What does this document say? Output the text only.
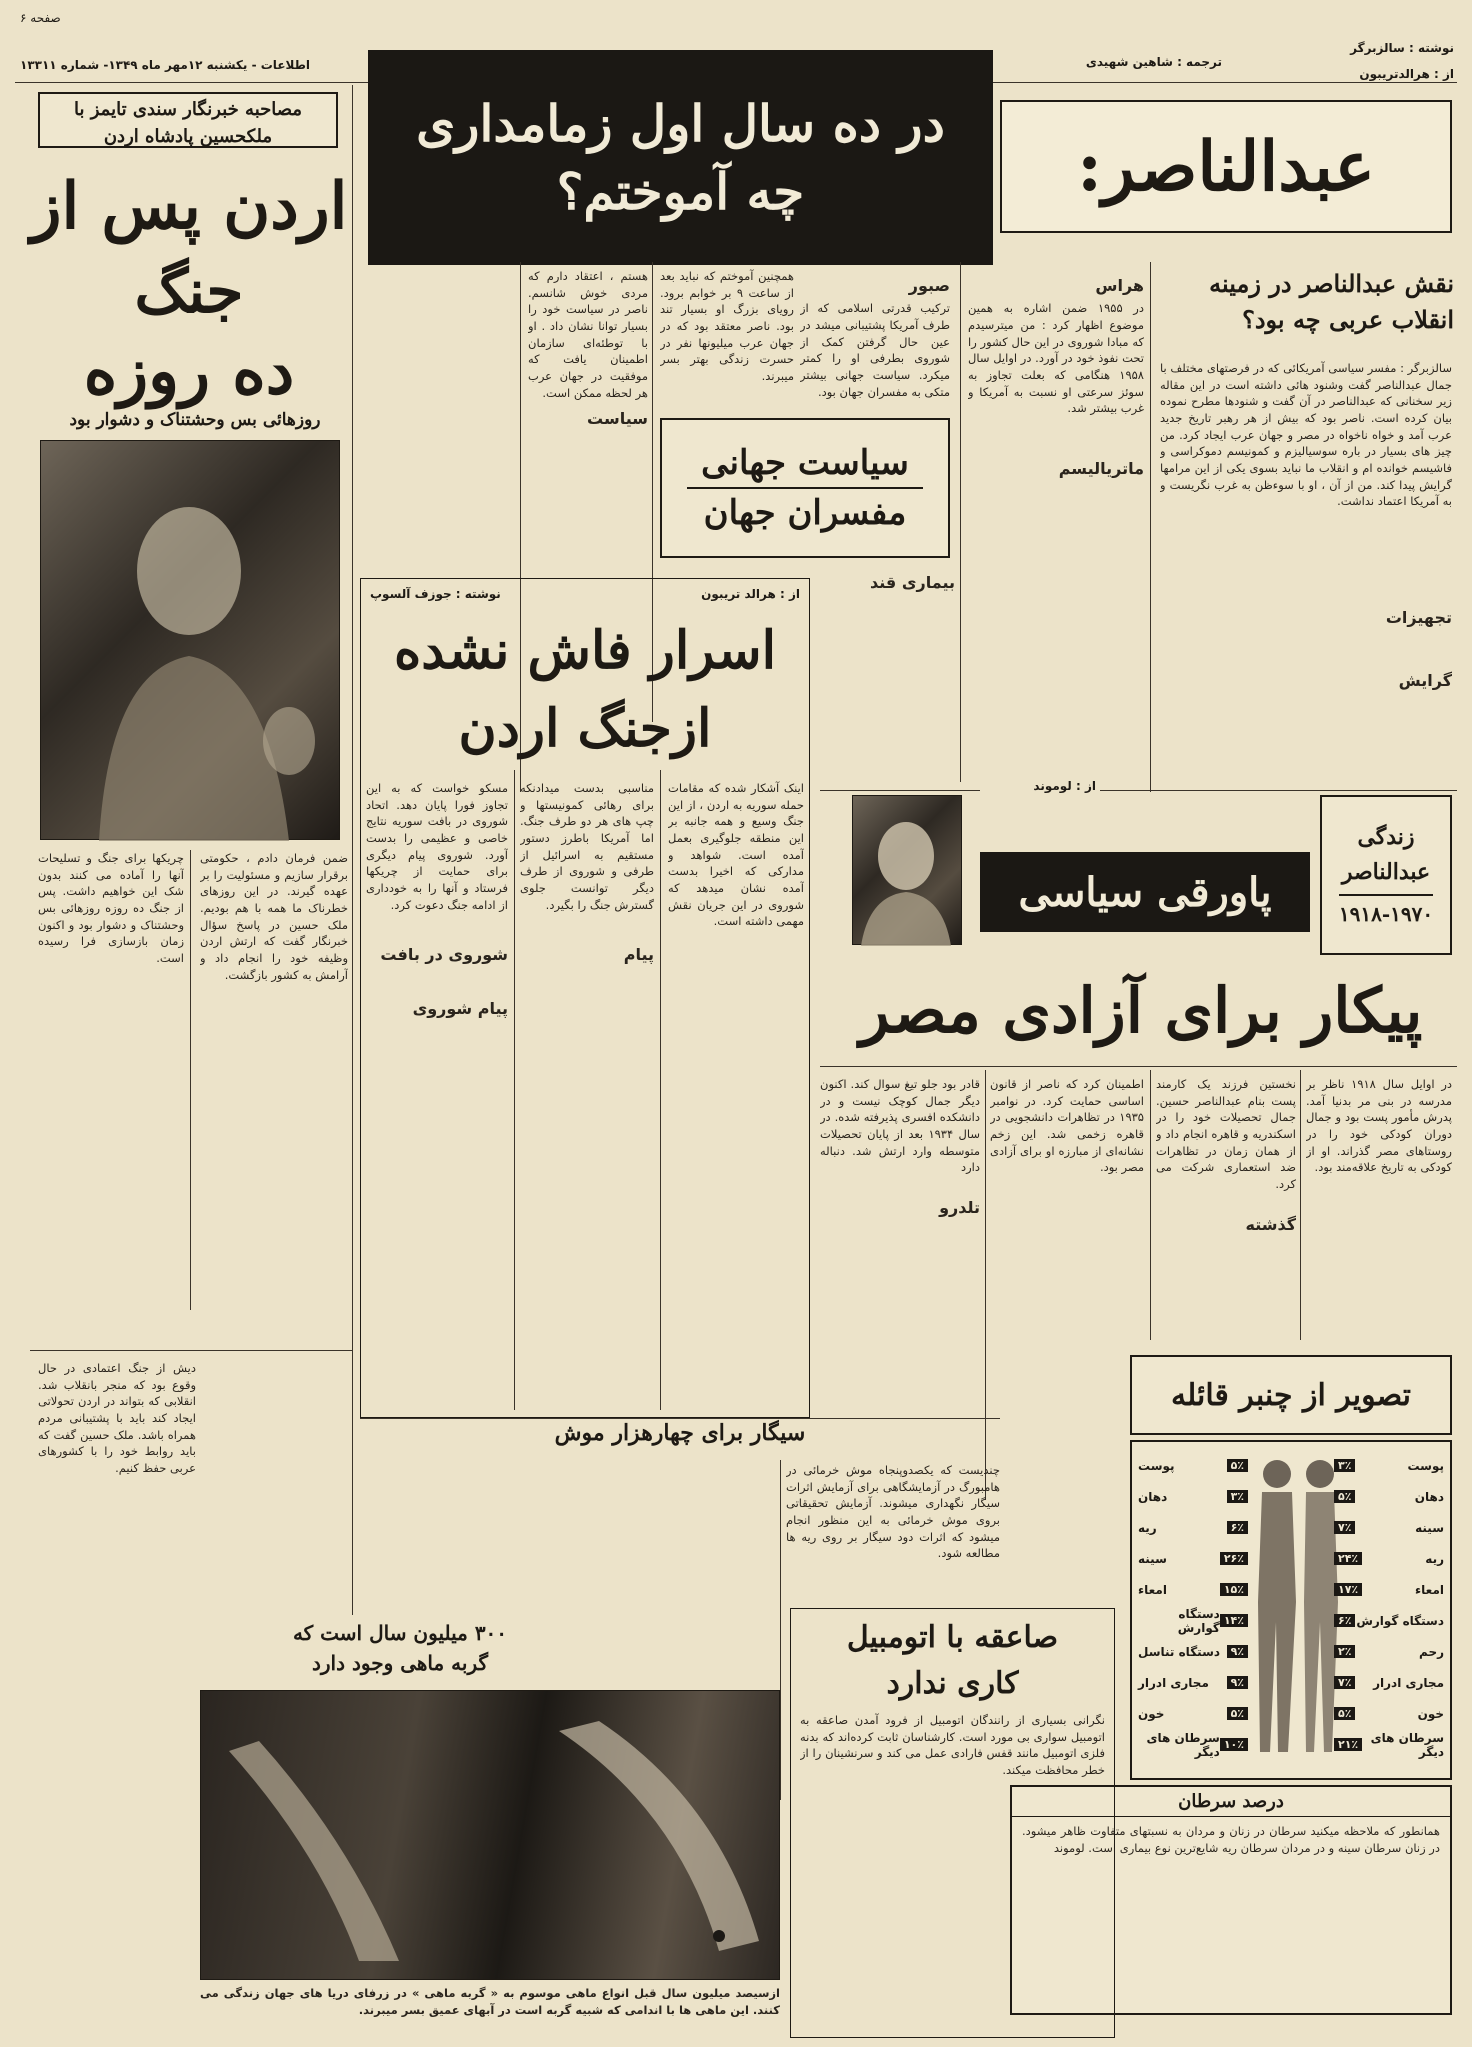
صفحه ۶
اطلاعات - یکشنبه ۱۲مهر ماه ۱۳۴۹- شماره ۱۳۳۱۱
نوشته : سالزبرگر
ترجمه : شاهین شهیدی
از : هرالدتریبون
عبدالناصر:
در ده سال اول زمامداری چه آموختم؟
نقش عبدالناصر در زمینه انقلاب عربی چه بود؟
سالزبرگر : مفسر سیاسی آمریکائی که در فرصتهای مختلف با جمال عبدالناصر گفت وشنود هائی داشته است در این مقاله زیر سخنانی که عبدالناصر در آن گفت و شنودها مطرح نموده بیان کرده است. ناصر بود که بیش از هر رهبر تاریخ جدید عرب آمد و خواه ناخواه در مصر و جهان عرب ایجاد کرد. من چیز های بسیار در باره سوسیالیزم و کمونیسم دموکراسی و فاشیسم خوانده ام و انقلاب ما نباید بسوی یکی از این مرامها گرایش پیدا کند. من از آن ، او با سوءظن به غرب نگریست و به آمریکا اعتماد نداشت.
تجهیزات
گرایش
هراس
در ۱۹۵۵ ضمن اشاره به همین موضوع اظهار کرد : من میترسیدم که مبادا شوروی در این حال کشور را تحت نفوذ خود در آورد. در اوایل سال ۱۹۵۸ هنگامی که بعلت تجاوز به سوئز سرعتی او نسبت به آمریکا و غرب بیشتر شد.
ماتریالیسم
صبور
ترکیب قدرتی اسلامی که از طرف آمریکا پشتیبانی میشد در عین حال گرفتن کمک از شوروی بطرفی او را کمتر میکرد. سیاست جهانی بیشتر متکی به مفسران جهان بود.
همچنین آموختم که نباید بعد از ساعت ۹ بر خوابم برود. رویای بزرگ او بسیار تند بود. ناصر معتقد بود که در جهان عرب میلیونها نفر در حسرت زندگی بهتر بسر میبرند.
سیاست جهانی
مفسران جهان
بیماری قند
هستم ، اعتقاد دارم که مردی خوش شانسم. ناصر در سیاست خود را بسیار توانا نشان داد . او با توطئه‌ای سازمان اطمینان یافت که موفقیت در جهان عرب هر لحظه ممکن است.
سیاست
مصاحبه خبرنگار سندی تایمز با ملکحسین پادشاه اردن
اردن پس از
جنگ
ده روزه
روزهائی بس وحشتناک و دشوار بود
ضمن فرمان دادم ، حکومتی برقرار سازیم و مسئولیت را بر عهده گیرند. در این روزهای خطرناک ما همه با هم بودیم. ملک حسین در پاسخ سؤال خبرنگار گفت که ارتش اردن وظیفه خود را انجام داد و آرامش به کشور بازگشت.
چریکها برای جنگ و تسلیحات آنها را آماده می کنند بدون شک این خواهیم داشت. پس از جنگ ده روزه روزهائی بس وحشتناک و دشوار بود و اکنون زمان بازسازی فرا رسیده است.
دیش از جنگ اعتمادی در حال وقوع بود که منجر بانقلاب شد. انقلابی که بتواند در اردن تحولاتی ایجاد کند باید با پشتیبانی مردم همراه باشد. ملک حسین گفت که باید روابط خود را با کشورهای عربی حفظ کنیم.
از : هرالد تریبون
نوشته : جوزف آلسوپ
اسرار فاش نشده
ازجنگ اردن
اینک آشکار شده که مقامات حمله سوریه به اردن ، از این جنگ وسیع و همه جانبه بر این منطقه جلوگیری بعمل آمده است. شواهد و مدارکی که اخیرا بدست آمده نشان میدهد که شوروی در این جریان نقش مهمی داشته است.
مناسبی بدست میدادنکه برای رهائی کمونیستها و چپ های هر دو طرف جنگ. اما آمریکا باطرز دستور مستقیم به اسرائیل از طرفی و شوروی از طرف دیگر توانست جلوی گسترش جنگ را بگیرد.
پیام
مسکو خواست که به این تجاوز فورا پایان دهد. اتحاد شوروی در بافت سوریه نتایج خاصی و عظیمی را بدست آورد. شوروی پیام دیگری برای حمایت از چریکها فرستاد و آنها را به خودداری از ادامه جنگ دعوت کرد.
شوروی در بافت
پیام شوروی
از : لوموند
زندگی
عبدالناصر
۱۹۱۸-۱۹۷۰
پاورقی سیاسی
پیکار برای آزادی مصر
در اوایل سال ۱۹۱۸ ناظر بر مدرسه در بنی مر بدنیا آمد. پدرش مأمور پست بود و جمال دوران کودکی خود را در روستاهای مصر گذراند. او از کودکی به تاریخ علاقه‌مند بود.
نخستین فرزند یک کارمند پست بنام عبدالناصر حسین. جمال تحصیلات خود را در اسکندریه و قاهره انجام داد و از همان زمان در تظاهرات ضد استعماری شرکت می کرد.
گذشته
اطمینان کرد که ناصر از قانون اساسی حمایت کرد. در نوامبر ۱۹۳۵ در تظاهرات دانشجویی در قاهره زخمی شد. این زخم نشانه‌ای از مبارزه او برای آزادی مصر بود.
قادر بود جلو تیغ سوال کند. اکنون دیگر جمال کوچک نیست و در دانشکده افسری پذیرفته شده. در سال ۱۹۳۴ بعد از پایان تحصیلات متوسطه وارد ارتش شد. دنباله دارد
تلدرو
تصویر از چنبر قائله
پوست
۳٪
دهان
۵٪
سینه
۷٪
ریه
۲۴٪
امعاء
۱۷٪
دستگاه گوارش
۶٪
رحم
۲٪
مجاری ادرار
۷٪
خون
۵٪
سرطان های دیگر
۲۱٪
۵٪
پوست
۳٪
دهان
۶٪
ریه
۲۶٪
سینه
۱۵٪
امعاء
۱۴٪
دستگاه گوارش
۹٪
دستگاه تناسل
۹٪
مجاری ادرار
۵٪
خون
۱۰٪
سرطان های دیگر
درصد سرطان
همانطور که ملاحظه میکنید سرطان در زنان و مردان به نسبتهای متفاوت ظاهر میشود. در زنان سرطان سینه و در مردان سرطان ریه شایع‌ترین نوع بیماری است. لوموند
سیگار برای چهارهزار موش
چندیست که یکصدوپنجاه موش خرمائی در هامبورگ در آزمایشگاهی برای آزمایش اثرات سیگار نگهداری میشوند. آزمایش تحقیقاتی بروی موش خرمائی به این منظور انجام میشود که اثرات دود سیگار بر روی ریه ها مطالعه شود.
صاعقه با اتومبیل
کاری ندارد
نگرانی بسیاری از رانندگان اتومبیل از فرود آمدن صاعقه به اتومبیل سواری بی مورد است. کارشناسان ثابت کرده‌اند که بدنه فلزی اتومبیل مانند قفس فارادی عمل می کند و سرنشینان را از خطر محافظت میکند.
۳۰۰ میلیون سال است که
گربه ماهی وجود دارد
ازسیصد میلیون سال قبل انواع ماهی موسوم به « گربه ماهی » در زرفای دریا های جهان زندگی می کنند. این ماهی ها با اندامی که شبیه گربه است در آبهای عمیق بسر میبرند.
